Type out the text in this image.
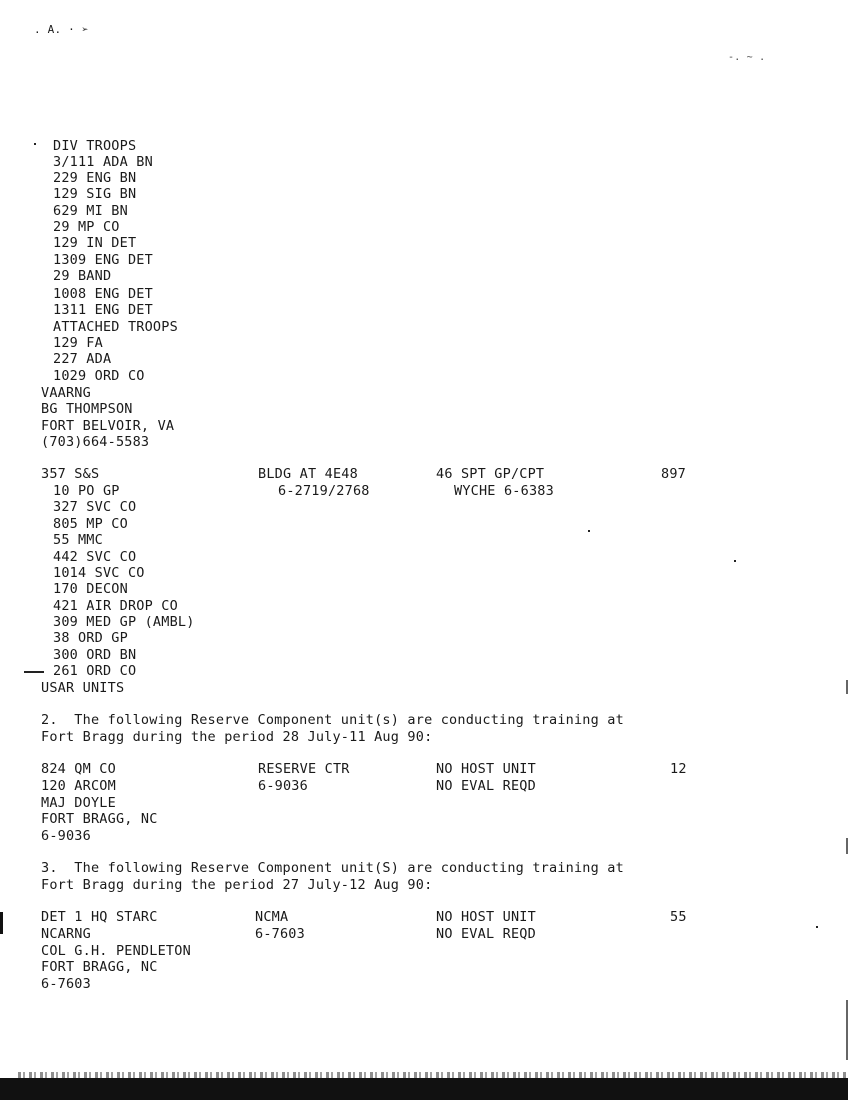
. A. · ➢
-. ~ .
DIV TROOPS
3/111 ADA BN
229 ENG BN
129 SIG BN
629 MI BN
29 MP CO
129 IN DET
1309 ENG DET
29 BAND
1008 ENG DET
1311 ENG DET
ATTACHED TROOPS
129 FA
227 ADA
1029 ORD CO
VAARNG
BG THOMPSON
FORT BELVOIR, VA
(703)664-5583
357 S&S	BLDG AT 4E48	46 SPT GP/CPT	897
10 PO GP	6-2719/2768	WYCHE 6-6383
327 SVC CO
805 MP CO
55 MMC
442 SVC CO
1014 SVC CO
170 DECON
421 AIR DROP CO
309 MED GP (AMBL)
38 ORD GP
300 ORD BN
261 ORD CO
USAR UNITS
2.  The following Reserve Component unit(s) are conducting training at
Fort Bragg during the period 28 July-11 Aug 90:
824 QM CO	RESERVE CTR	NO HOST UNIT	12
120 ARCOM	6-9036	NO EVAL REQD
MAJ DOYLE
FORT BRAGG, NC
6-9036
3.  The following Reserve Component unit(S) are conducting training at
Fort Bragg during the period 27 July-12 Aug 90:
DET 1 HQ STARC	NCMA	NO HOST UNIT	55
NCARNG	6-7603	NO EVAL REQD
COL G.H. PENDLETON
FORT BRAGG, NC
6-7603
